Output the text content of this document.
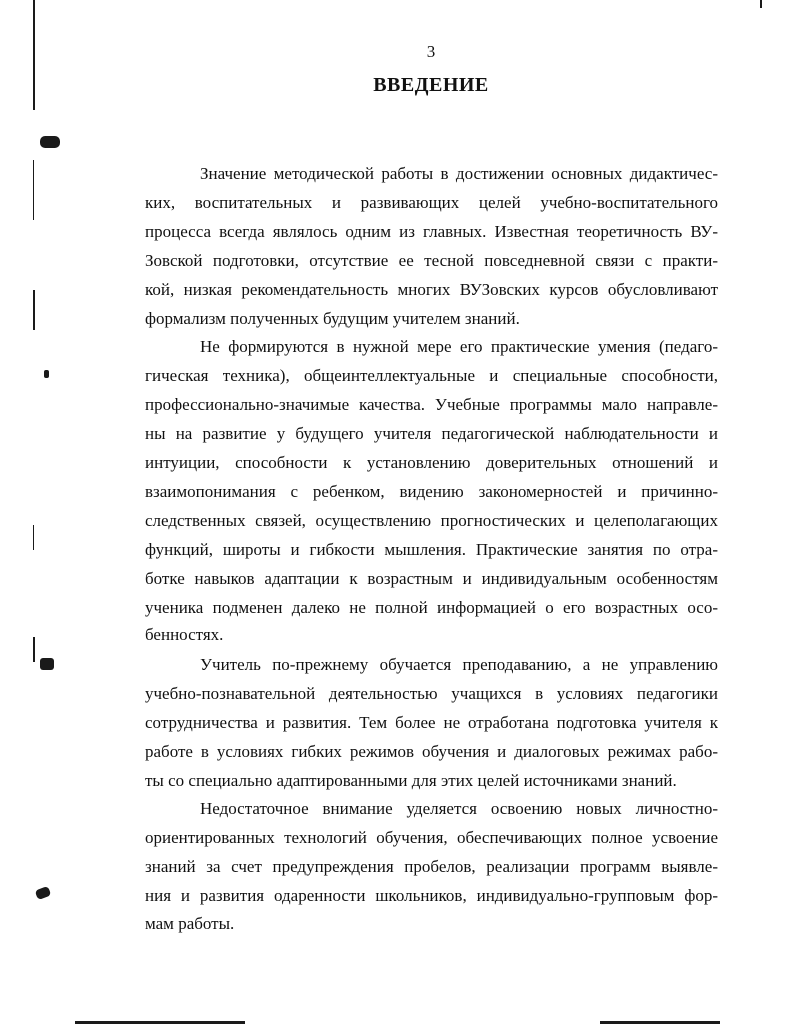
3
ВВЕДЕНИЕ
Значение методической работы в достижении основных дидактичес-
ких, воспитательных и развивающих целей учебно-воспитательного
процесса всегда являлось одним из главных. Известная теоретичность ВУ-
Зовской подготовки, отсутствие ее тесной повседневной связи с практи-
кой, низкая рекомендательность многих ВУЗовских курсов обусловливают
формализм полученных будущим учителем знаний.
Не формируются в нужной мере его практические умения (педаго-
гическая техника), общеинтеллектуальные и специальные способности,
профессионально-значимые качества. Учебные программы мало направле-
ны на развитие у будущего учителя педагогической наблюдательности и
интуиции, способности к установлению доверительных отношений и
взаимопонимания с ребенком, видению закономерностей и причинно-
следственных связей, осуществлению прогностических и целеполагающих
функций, широты и гибкости мышления. Практические занятия по отра-
ботке навыков адаптации к возрастным и индивидуальным особенностям
ученика подменен далеко не полной информацией о его возрастных осо-
бенностях.
Учитель по-прежнему обучается преподаванию, а не управлению
учебно-познавательной деятельностью учащихся в условиях педагогики
сотрудничества и развития. Тем более не отработана подготовка учителя к
работе в условиях гибких режимов обучения и диалоговых режимах рабо-
ты со специально адаптированными для этих целей источниками знаний.
Недостаточное внимание уделяется освоению новых личностно-
ориентированных технологий обучения, обеспечивающих полное усвоение
знаний за счет предупреждения пробелов, реализации программ выявле-
ния и развития одаренности школьников, индивидуально-групповым фор-
мам работы.
